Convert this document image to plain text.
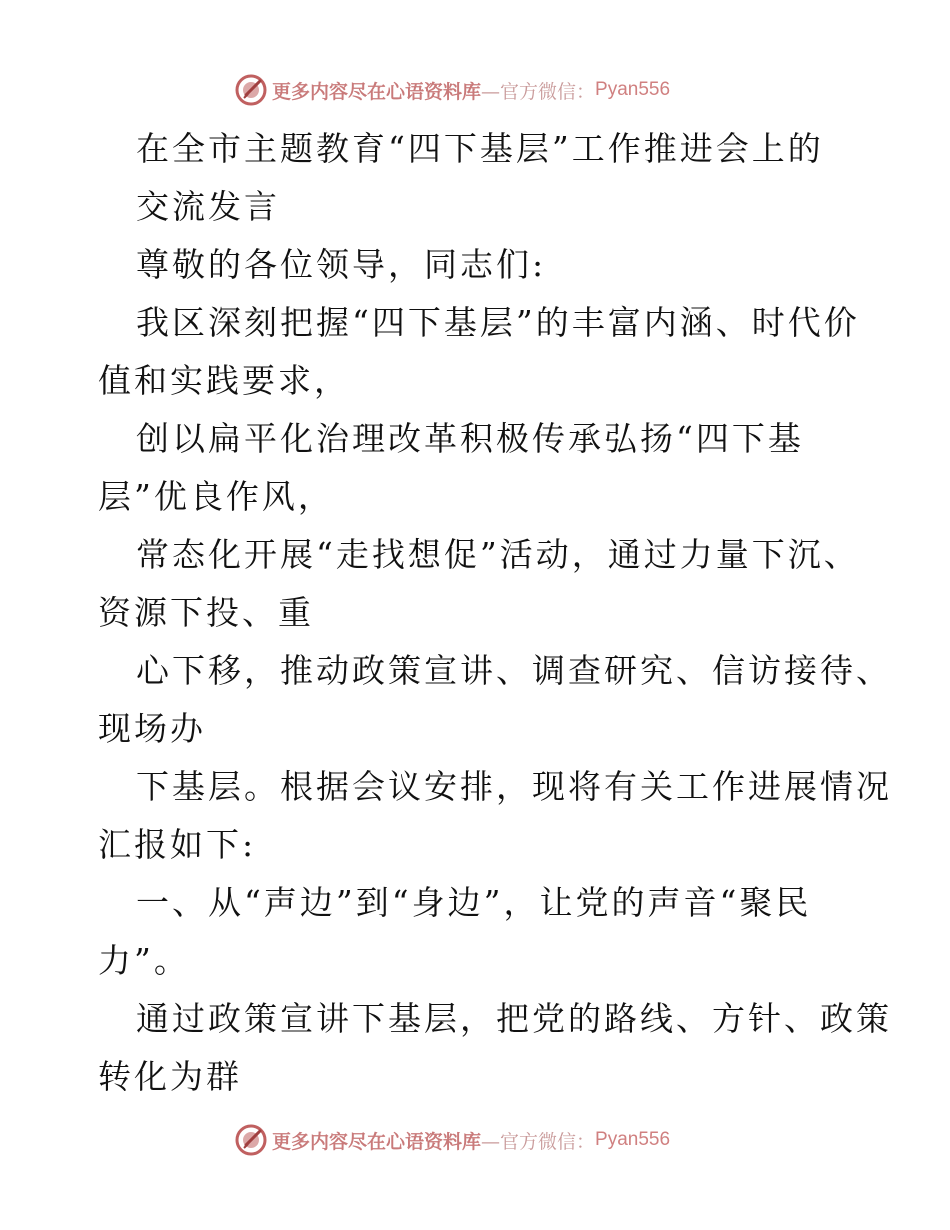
更多内容尽在心语资料库 —官方微信： Pyan556
在全市主题教育“四下基层”工作推进会上的
交流发言
尊敬的各位领导，同志们:
我区深刻把握“四下基层”的丰富内涵、时代价
值和实践要求，
创以扁平化治理改革积极传承弘扬“四下基
层”优良作风，
常态化开展“走找想促”活动，通过力量下沉、
资源下投、重
心下移，推动政策宣讲、调查研究、信访接待、
现场办
下基层。根据会议安排，现将有关工作进展情况
汇报如下:
一、从“声边”到“身边”，让党的声音“聚民
力”。
通过政策宣讲下基层，把党的路线、方针、政策
转化为群
更多内容尽在心语资料库 —官方微信： Pyan556
